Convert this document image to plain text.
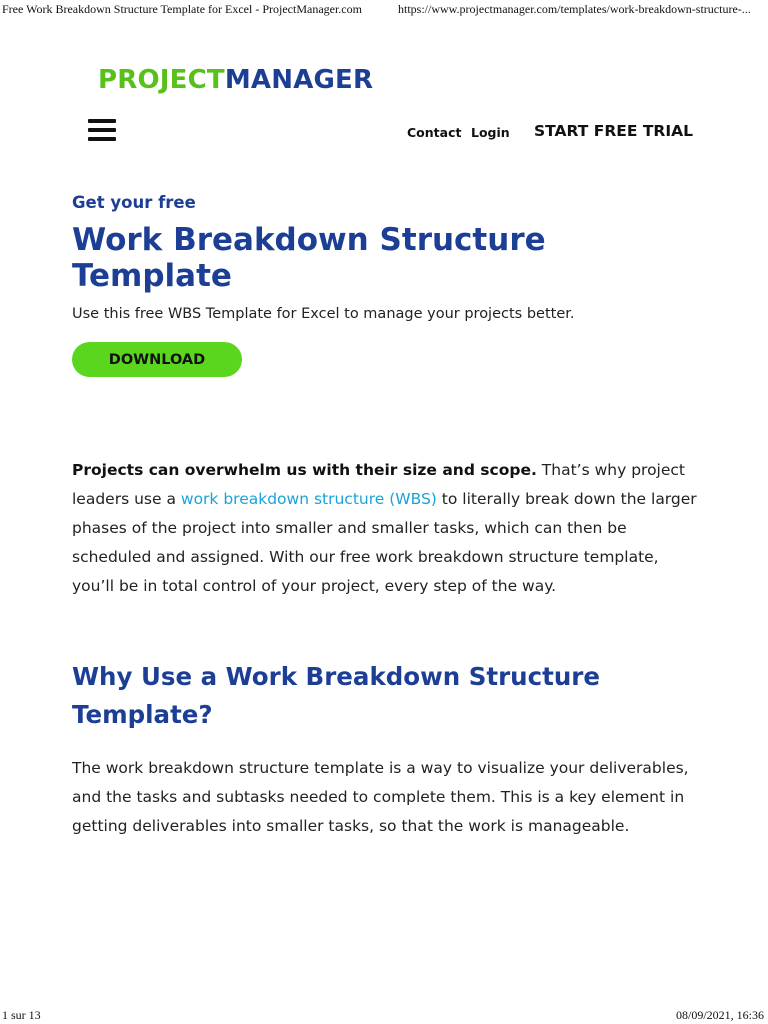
Free Work Breakdown Structure Template for Excel - ProjectManager.com	https://www.projectmanager.com/templates/work-breakdown-structure-...
PROJECTMANAGER
Contact Login START FREE TRIAL
Get your free
Work Breakdown Structure Template
Use this free WBS Template for Excel to manage your projects better.
DOWNLOAD

Projects can overwhelm us with their size and scope. That’s why project leaders use a work breakdown structure (WBS) to literally break down the larger phases of the project into smaller and smaller tasks, which can then be scheduled and assigned. With our free work breakdown structure template, you’ll be in total control of your project, every step of the way.

Why Use a Work Breakdown Structure Template?

The work breakdown structure template is a way to visualize your deliverables, and the tasks and subtasks needed to complete them. This is a key element in getting deliverables into smaller tasks, so that the work is manageable.

1 sur 13	08/09/2021, 16:36
